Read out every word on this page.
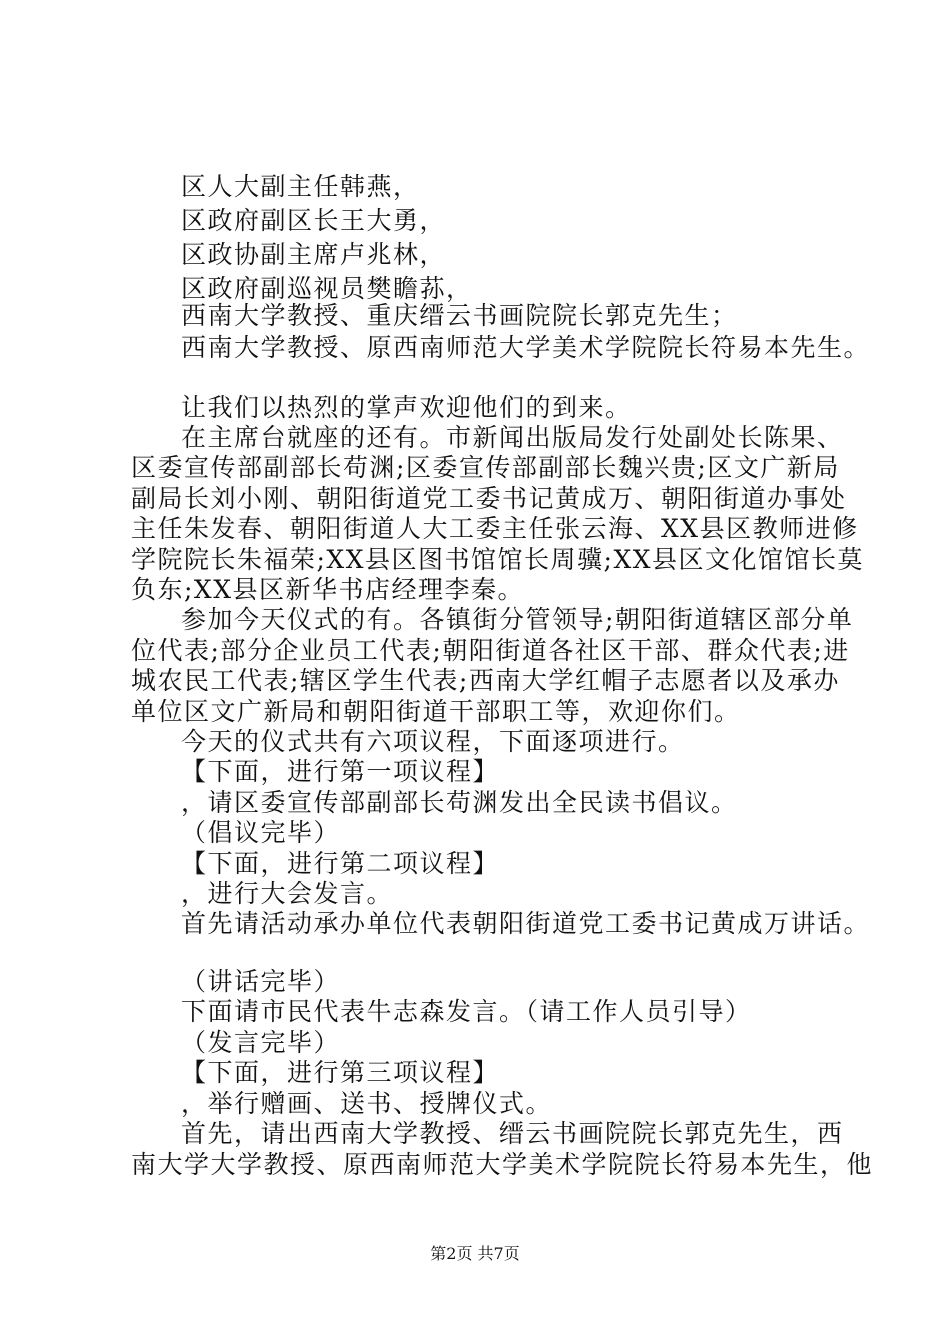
区人大副主任韩燕，
区政府副区长王大勇，
区政协副主席卢兆林，
区政府副巡视员樊瞻荪，
西南大学教授、重庆缙云书画院院长郭克先生；
西南大学教授、原西南师范大学美术学院院长符易本先生。
让我们以热烈的掌声欢迎他们的到来。
在主席台就座的还有。市新闻出版局发行处副处长陈果、
区委宣传部副部长苟渊;区委宣传部副部长魏兴贵;区文广新局
副局长刘小刚、朝阳街道党工委书记黄成万、朝阳街道办事处
主任朱发春、朝阳街道人大工委主任张云海、XX县区教师进修
学院院长朱福荣;XX县区图书馆馆长周骥;XX县区文化馆馆长莫
负东;XX县区新华书店经理李秦。
参加今天仪式的有。各镇街分管领导;朝阳街道辖区部分单
位代表;部分企业员工代表;朝阳街道各社区干部、群众代表;进
城农民工代表;辖区学生代表;西南大学红帽子志愿者以及承办
单位区文广新局和朝阳街道干部职工等，欢迎你们。
今天的仪式共有六项议程，下面逐项进行。
【下面，进行第一项议程】
，请区委宣传部副部长苟渊发出全民读书倡议。
（倡议完毕）
【下面，进行第二项议程】
，进行大会发言。
首先请活动承办单位代表朝阳街道党工委书记黄成万讲话。
（讲话完毕）
下面请市民代表牛志森发言。（请工作人员引导）
（发言完毕）
【下面，进行第三项议程】
，举行赠画、送书、授牌仪式。
首先，请出西南大学教授、缙云书画院院长郭克先生，西
南大学大学教授、原西南师范大学美术学院院长符易本先生，他
第2页 共7页
